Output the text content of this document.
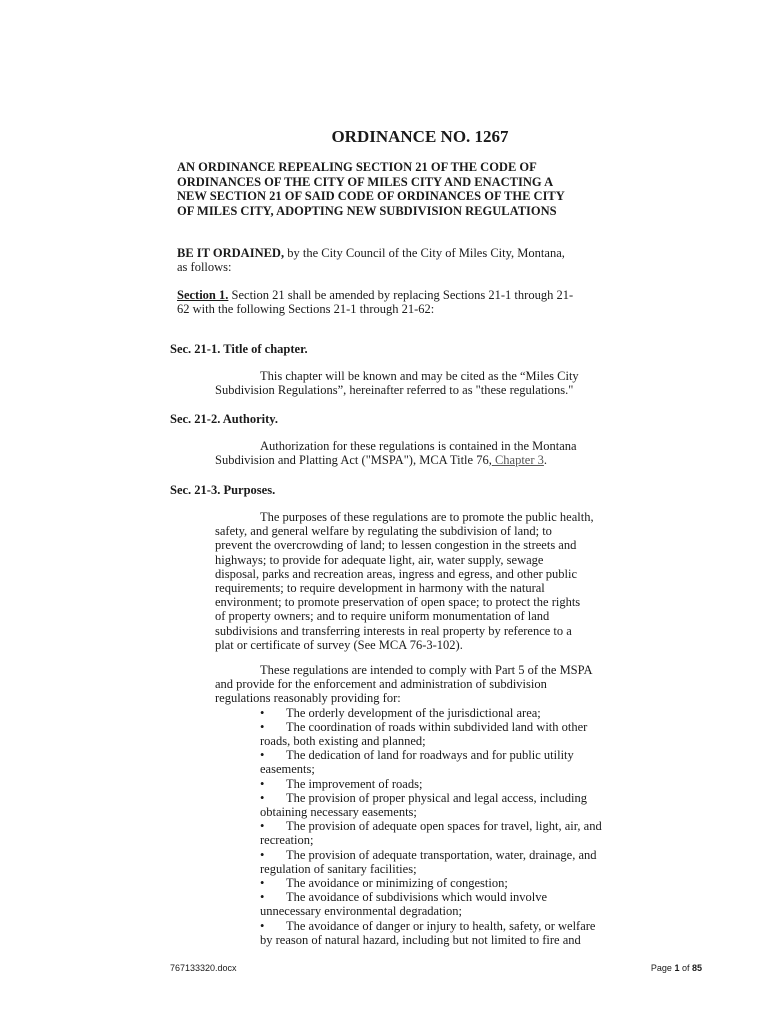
ORDINANCE NO. 1267
AN ORDINANCE REPEALING SECTION 21 OF THE CODE OF
ORDINANCES OF THE CITY OF MILES CITY AND ENACTING A
NEW SECTION 21 OF SAID CODE OF ORDINANCES OF THE CITY
OF MILES CITY, ADOPTING NEW SUBDIVISION REGULATIONS
BE IT ORDAINED, by the City Council of the City of Miles City, Montana,
as follows:
Section 1. Section 21 shall be amended by replacing Sections 21-1 through 21-
62 with the following Sections 21-1 through 21-62:
Sec. 21-1. Title of chapter.
This chapter will be known and may be cited as the “Miles City
Subdivision Regulations”, hereinafter referred to as "these regulations."
Sec. 21-2. Authority.
Authorization for these regulations is contained in the Montana
Subdivision and Platting Act ("MSPA"), MCA Title 76, Chapter 3.
Sec. 21-3. Purposes.
The purposes of these regulations are to promote the public health,
safety, and general welfare by regulating the subdivision of land; to
prevent the overcrowding of land; to lessen congestion in the streets and
highways; to provide for adequate light, air, water supply, sewage
disposal, parks and recreation areas, ingress and egress, and other public
requirements; to require development in harmony with the natural
environment; to promote preservation of open space; to protect the rights
of property owners; and to require uniform monumentation of land
subdivisions and transferring interests in real property by reference to a
plat or certificate of survey (See MCA 76-3-102).
These regulations are intended to comply with Part 5 of the MSPA
and provide for the enforcement and administration of subdivision
regulations reasonably providing for:
• The orderly development of the jurisdictional area;
• The coordination of roads within subdivided land with other
roads, both existing and planned;
• The dedication of land for roadways and for public utility
easements;
• The improvement of roads;
• The provision of proper physical and legal access, including
obtaining necessary easements;
• The provision of adequate open spaces for travel, light, air, and
recreation;
• The provision of adequate transportation, water, drainage, and
regulation of sanitary facilities;
• The avoidance or minimizing of congestion;
• The avoidance of subdivisions which would involve
unnecessary environmental degradation;
• The avoidance of danger or injury to health, safety, or welfare
by reason of natural hazard, including but not limited to fire and
767133320.docx	Page 1 of 85
